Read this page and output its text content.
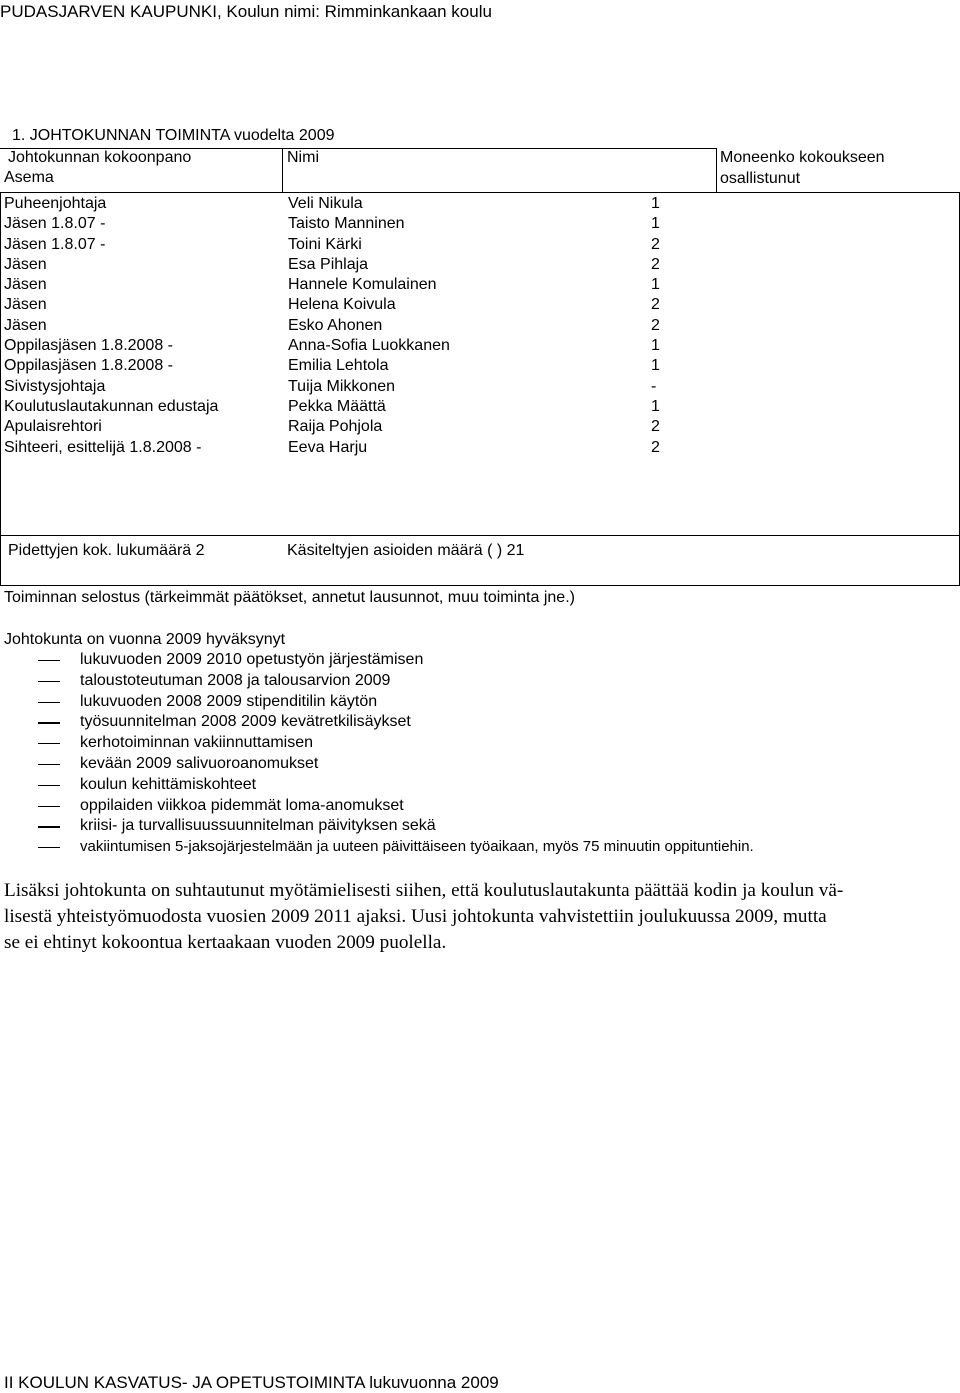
PUDASJARVEN KAUPUNKI, Koulun nimi: Rimminkankaan koulu
1. JOHTOKUNNAN TOIMINTA vuodelta 2009
Johtokunnan kokoonpano
Asema
Nimi	Moneenko kokoukseen
osallistunut
Puheenjohtaja
Jäsen 1.8.07 -
Jäsen 1.8.07 -
Jäsen
Jäsen
Jäsen
Jäsen
Oppilasjäsen 1.8.2008 -
Oppilasjäsen 1.8.2008 -
Sivistysjohtaja
Koulutuslautakunnan edustaja
Apulaisrehtori
Sihteeri, esittelijä 1.8.2008 -
Veli Nikula
Taisto Manninen
Toini Kärki
Esa Pihlaja
Hannele Komulainen
Helena Koivula
Esko Ahonen
Anna-Sofia Luokkanen
Emilia Lehtola
Tuija Mikkonen
Pekka Määttä
Raija Pohjola
Eeva Harju
1
1
2
2
1
2
2
1
1
-
1
2
2
Pidettyjen kok. lukumäärä 2	Käsiteltyjen asioiden määrä ( ) 21
Toiminnan selostus (tärkeimmät päätökset, annetut lausunnot, muu toiminta jne.)
Johtokunta on vuonna 2009 hyväksynyt
lukuvuoden 2009 2010 opetustyön järjestämisen
taloustoteutuman 2008 ja talousarvion 2009
lukuvuoden 2008 2009 stipenditilin käytön
työsuunnitelman 2008 2009 kevätretkilisäykset
kerhotoiminnan vakiinnuttamisen
kevään 2009 salivuoroanomukset
koulun kehittämiskohteet
oppilaiden viikkoa pidemmät loma-anomukset
kriisi- ja turvallisuussuunnitelman päivityksen sekä
vakiintumisen 5-jaksojärjestelmään ja uuteen päivittäiseen työaikaan, myös 75 minuutin oppituntiehin.
Lisäksi johtokunta on suhtautunut myötämielisesti siihen, että koulutuslautakunta päättää kodin ja koulun vä-
lisestä yhteistyömuodosta vuosien 2009 2011 ajaksi. Uusi johtokunta vahvistettiin joulukuussa 2009, mutta
se ei ehtinyt kokoontua kertaakaan vuoden 2009 puolella.
II KOULUN KASVATUS- JA OPETUSTOIMINTA lukuvuonna 2009
